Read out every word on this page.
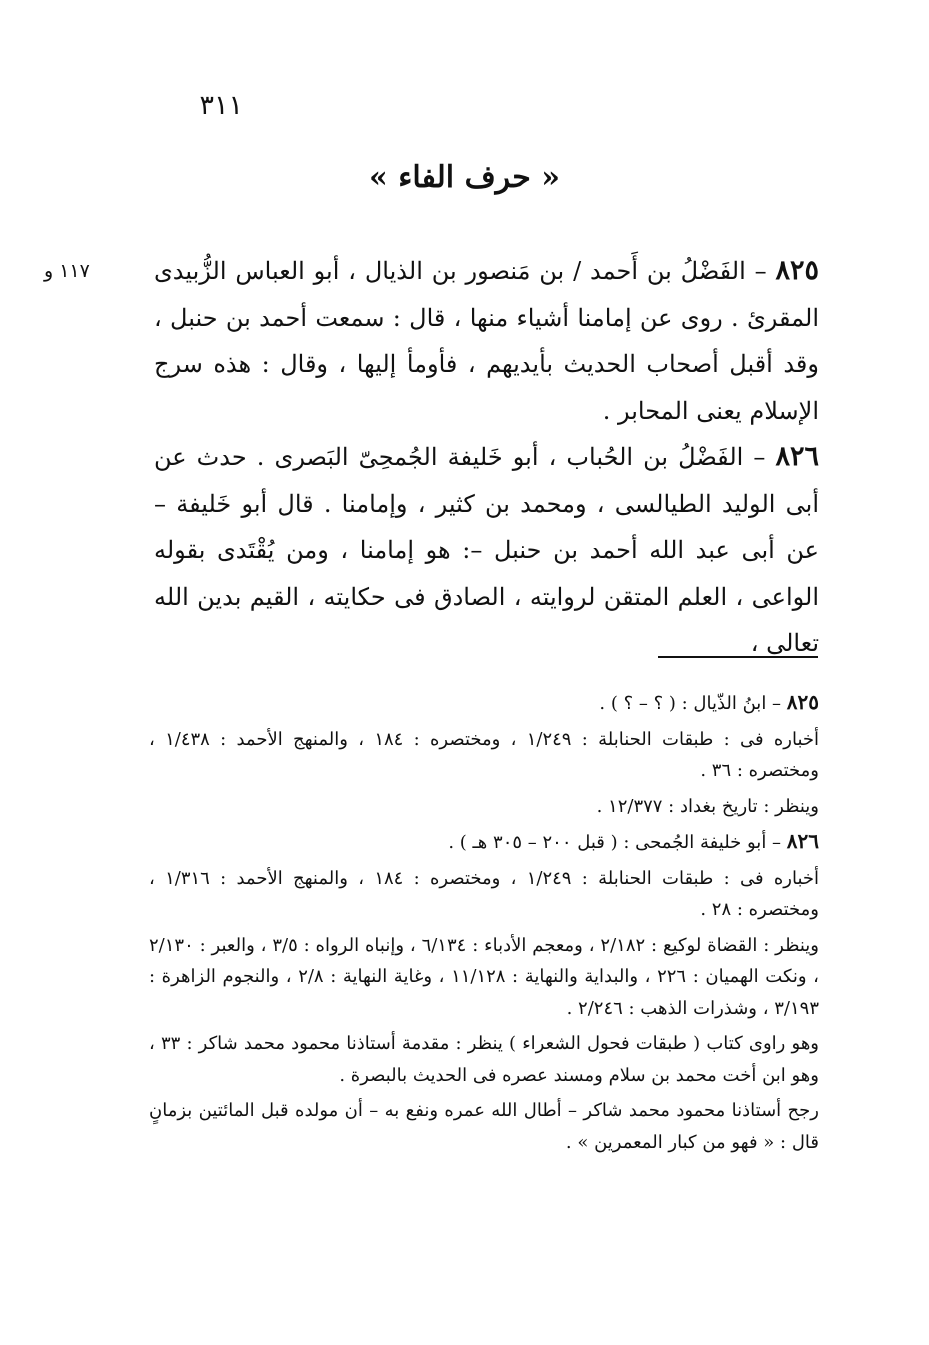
٣١١
« حرف الفاء »
١١٧ و	٨٢٥ – الفَضْلُ بن أَحمد / بن مَنصور بن الذيال ، أبو العباس الزُّبيدى المقرىٔ . روى عن إمامنا أشياء منها ، قال : سمعت أحمد بن حنبل ، وقد أقبل أصحاب الحديث بأيديهم ، فأومأ إليها ، وقال : هذه سرج الإسلام يعنى المحابر .

٨٢٦ – الفَضْلُ بن الحُباب ، أبو خَليفة الجُمحِىّ البَصرى . حدث عن أبى الوليد الطيالسى ، ومحمد بن كثير ، وإمامنا . قال أبو خَليفة – عن أبى عبد الله أحمد بن حنبل –: هو إمامنا ، ومن يُقْتَدى بقوله الواعى ، العلم المتقن لروايته ، الصادق فى حكايته ، القيم بدين الله تعالى ،

٨٢٥ – ابنُ الذّيال : ( ؟ – ؟ ) .

أخباره فى : طبقات الحنابلة : ١/٢٤٩ ، ومختصره : ١٨٤ ، والمنهج الأحمد : ١/٤٣٨ ، ومختصره : ٣٦ .

وينظر : تاريخ بغداد : ١٢/٣٧٧ .

٨٢٦ – أبو خليفة الجُمحى : ( قبل ٢٠٠ – ٣٠٥ هـ ) .

أخباره فى : طبقات الحنابلة : ١/٢٤٩ ، ومختصره : ١٨٤ ، والمنهج الأحمد : ١/٣١٦ ، ومختصره : ٢٨ .

وينظر : القضاة لوكيع : ٢/١٨٢ ، ومعجم الأدباء : ٦/١٣٤ ، وإنباه الرواه : ٣/٥ ، والعبر : ٢/١٣٠ ، ونكت الهميان : ٢٢٦ ، والبداية والنهاية : ١١/١٢٨ ، وغاية النهاية : ٢/٨ ، والنجوم الزاهرة : ٣/١٩٣ ، وشذرات الذهب : ٢/٢٤٦ .

وهو راوى كتاب ( طبقات فحول الشعراء ) ينظر : مقدمة أستاذنا محمود محمد شاكر : ٣٣ ، وهو ابن أخت محمد بن سلام ومسند عصره فى الحديث بالبصرة .

رجح أستاذنا محمود محمد شاكر – أطال الله عمره ونفع به – أن مولده قبل المائتين بزمانٍ قال : « فهو من كبار المعمرين » .
